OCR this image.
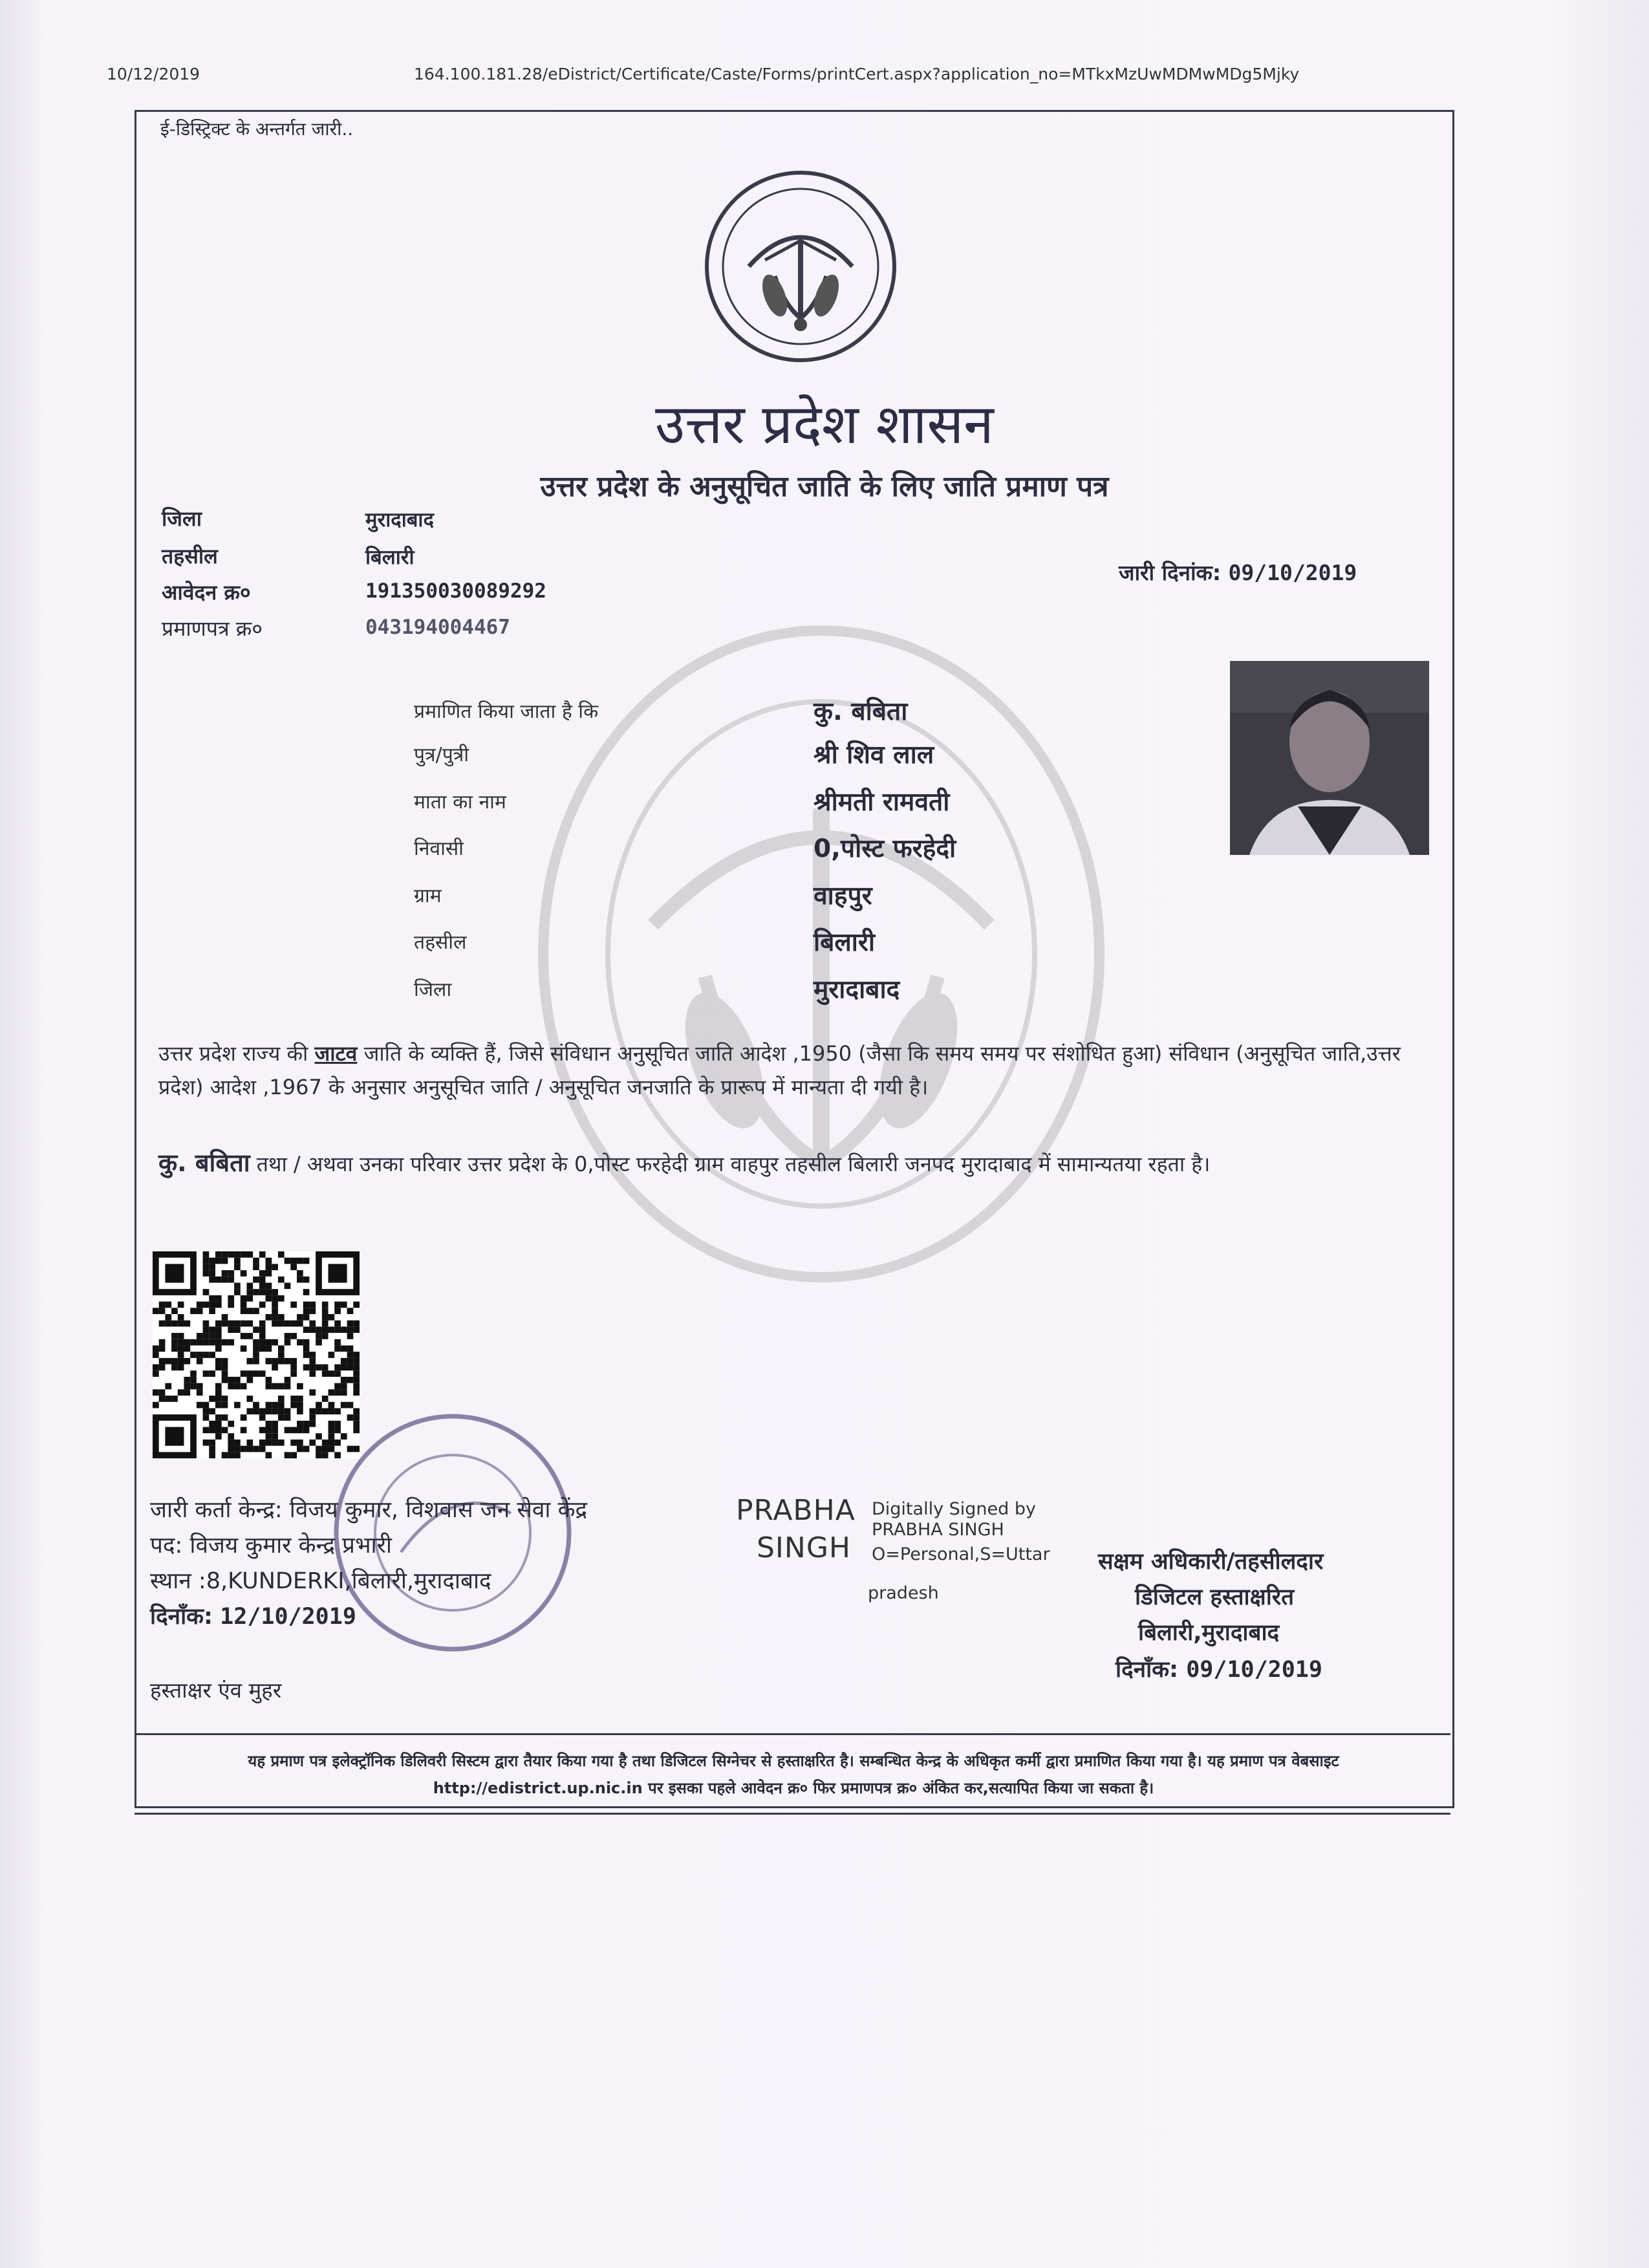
10/12/2019	164.100.181.28/eDistrict/Certificate/Caste/Forms/printCert.aspx?application_no=MTkxMzUwMDMwMDg5Mjky
ई-डिस्ट्रिक्ट के अन्तर्गत जारी..
उत्तर प्रदेश शासन
उत्तर प्रदेश के अनुसूचित जाति के लिए जाति प्रमाण पत्र
जिला	मुरादाबाद
तहसील	बिलारी
आवेदन क्र०	191350030089292
प्रमाणपत्र क्र०	043194004467
जारी दिनांक: 09/10/2019
प्रमाणित किया जाता है कि	कु. बबिता
पुत्र/पुत्री	श्री शिव लाल
माता का नाम	श्रीमती रामवती
निवासी	0,पोस्ट फरहेदी
ग्राम	वाहपुर
तहसील	बिलारी
जिला	मुरादाबाद
उत्तर प्रदेश राज्य की जाटव जाति के व्यक्ति हैं, जिसे संविधान अनुसूचित जाति आदेश ,1950 (जैसा कि समय समय पर संशोधित हुआ) संविधान (अनुसूचित जाति,उत्तर प्रदेश) आदेश ,1967 के अनुसार अनुसूचित जाति / अनुसूचित जनजाति के प्रारूप में मान्यता दी गयी है।
कु. बबिता तथा / अथवा उनका परिवार उत्तर प्रदेश के 0,पोस्ट फरहेदी ग्राम वाहपुर तहसील बिलारी जनपद मुरादाबाद में सामान्यतया रहता है।
जारी कर्ता केन्द्र: विजय कुमार, विशवास जन सेवा केंद्र
पद: विजय कुमार केन्द्र प्रभारी
स्थान :8,KUNDERKI,बिलारी,मुरादाबाद
दिनाँक: 12/10/2019
PRABHA
SINGH
Digitally Signed by
PRABHA SINGH
O=Personal,S=Uttar
pradesh
सक्षम अधिकारी/तहसीलदार
डिजिटल हस्ताक्षरित
बिलारी,मुरादाबाद
दिनाँक: 09/10/2019
हस्ताक्षर एंव मुहर
यह प्रमाण पत्र इलेक्ट्रॉनिक डिलिवरी सिस्टम द्वारा तैयार किया गया है तथा डिजिटल सिग्नेचर से हस्ताक्षरित है। सम्बन्धित केन्द्र के अधिकृत कर्मी द्वारा प्रमाणित किया गया है। यह प्रमाण पत्र वेबसाइट http://edistrict.up.nic.in पर इसका पहले आवेदन क्र० फिर प्रमाणपत्र क्र० अंकित कर,सत्यापित किया जा सकता है।
